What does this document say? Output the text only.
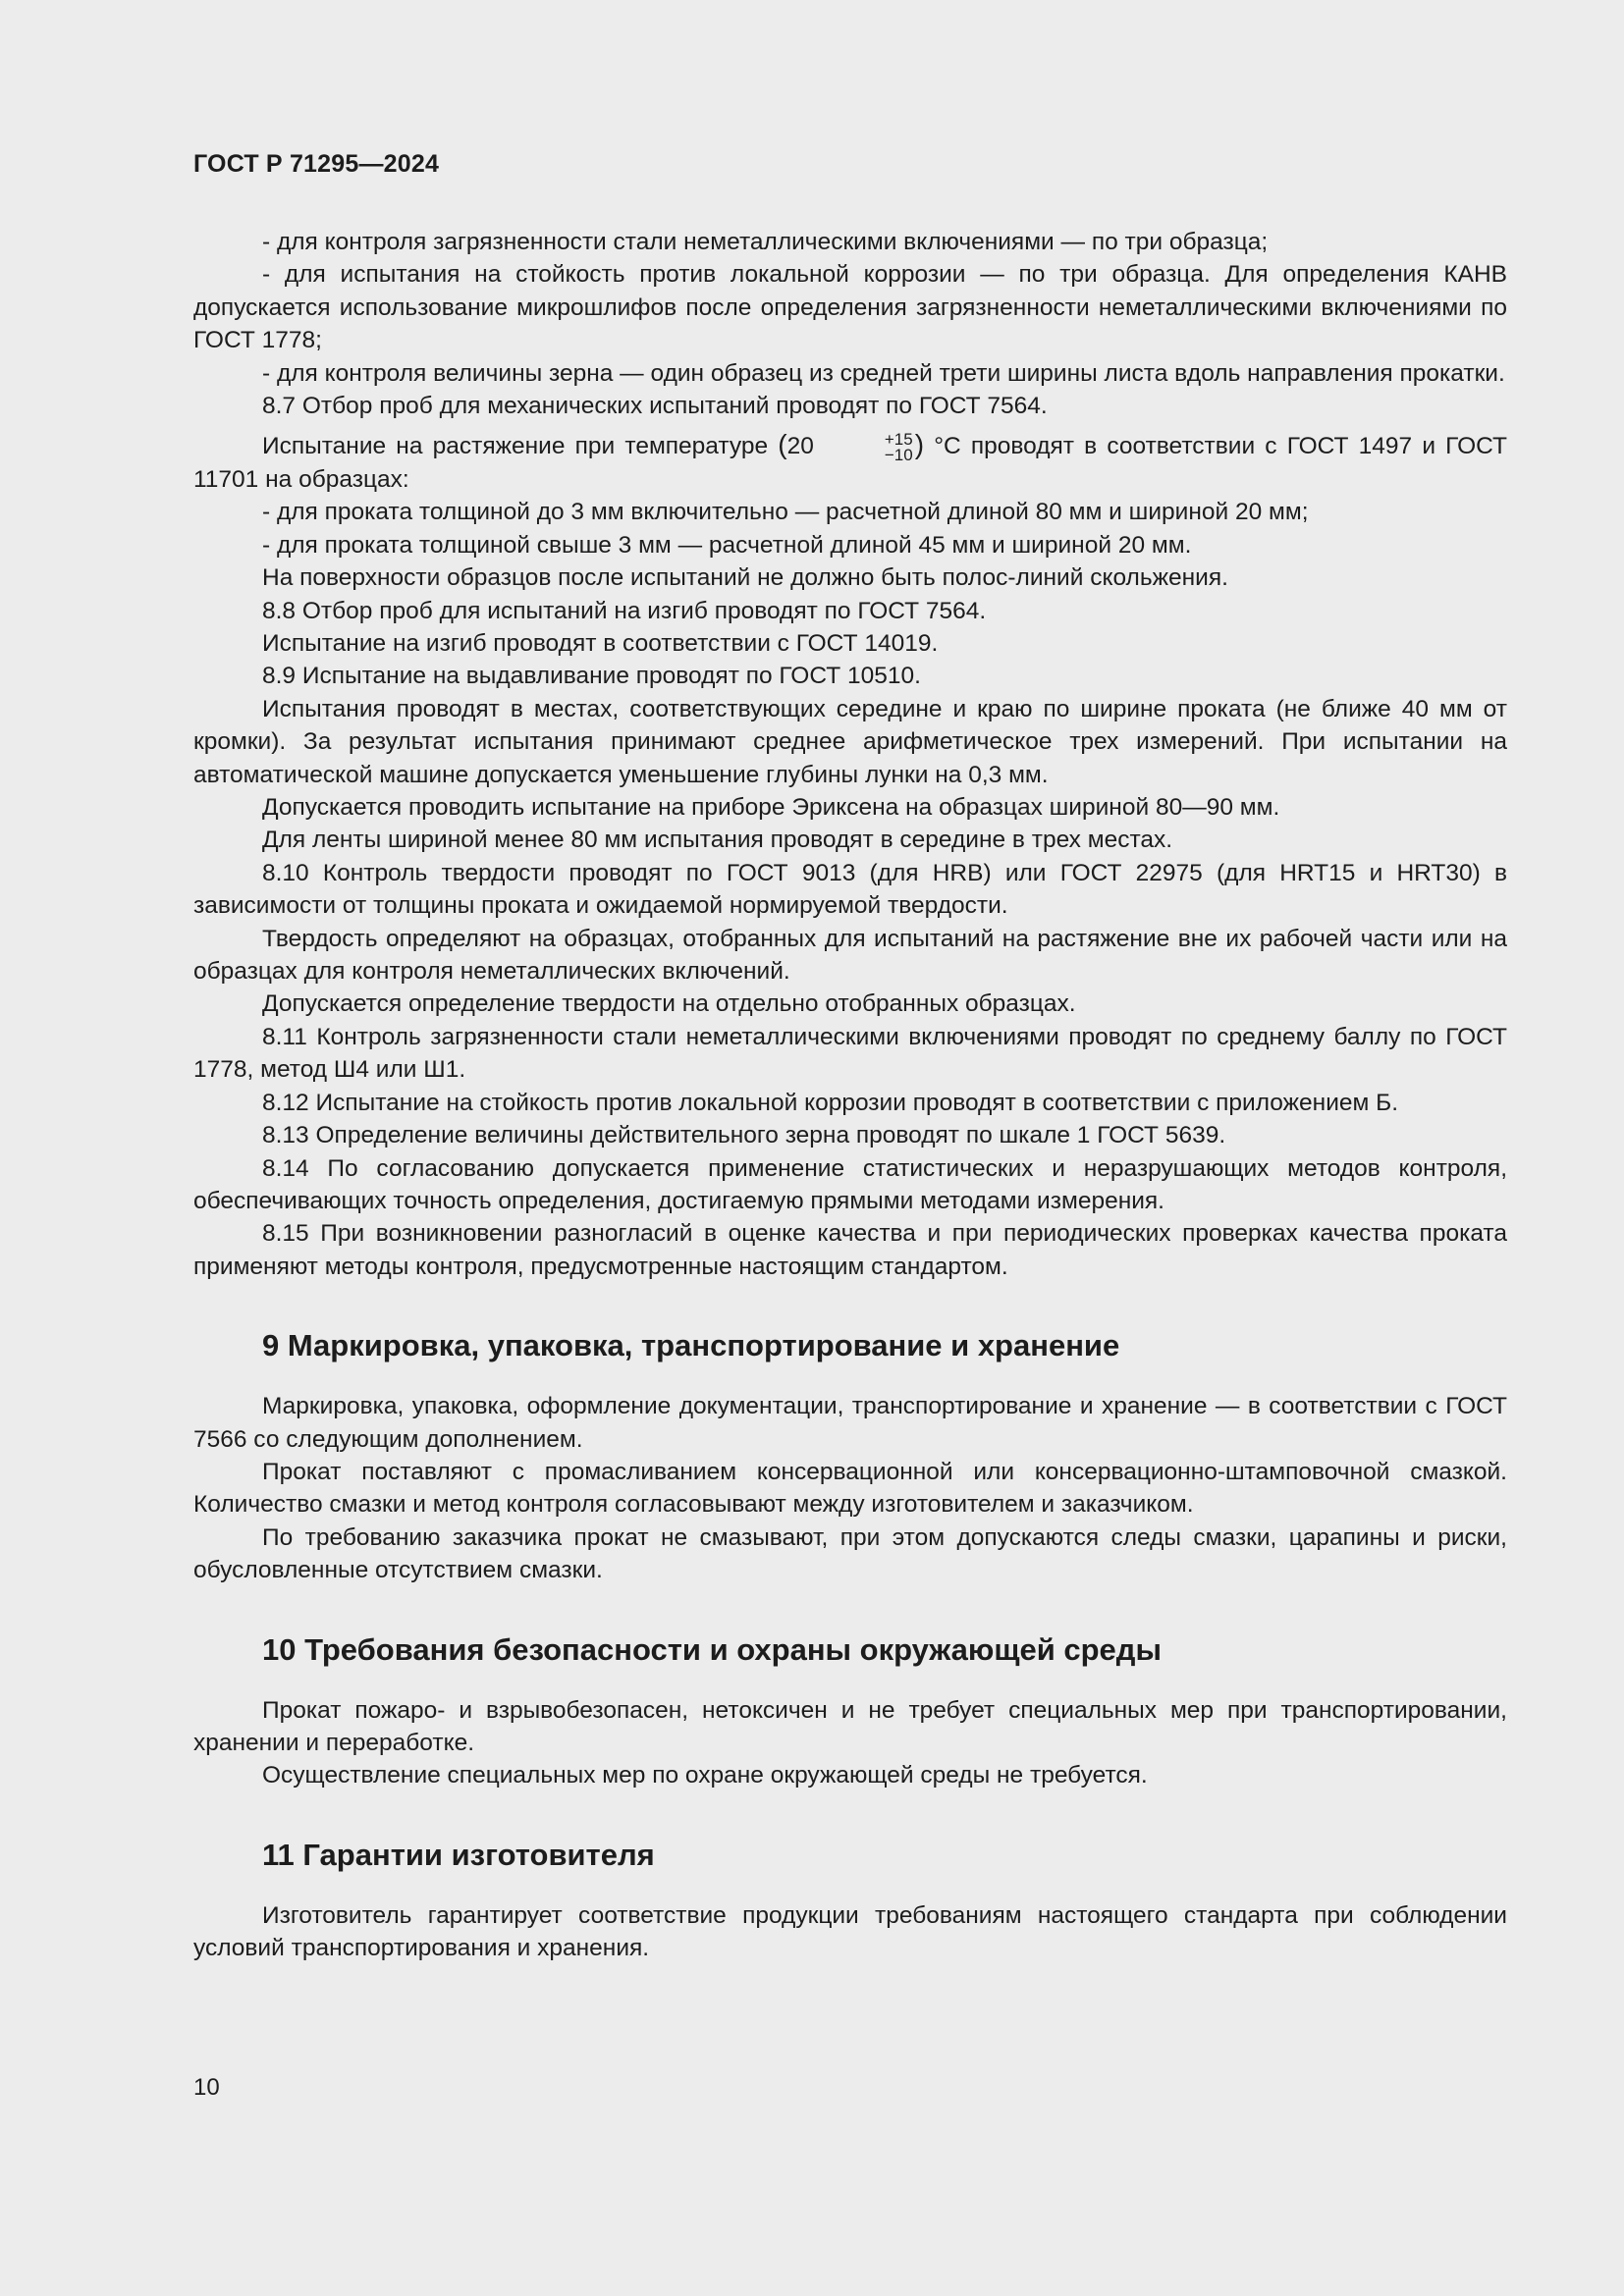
ГОСТ Р 71295—2024

- для контроля загрязненности стали неметаллическими включениями — по три образца;

- для испытания на стойкость против локальной коррозии — по три образца. Для определения КАНВ допускается использование микрошлифов после определения загрязненности неметаллическими включениями по ГОСТ 1778;

- для контроля величины зерна — один образец из средней трети ширины листа вдоль направления прокатки.

8.7 Отбор проб для механических испытаний проводят по ГОСТ 7564.

Испытание на растяжение при температуре (20	+15
−10 ) °С проводят в соответствии с ГОСТ 1497 и ГОСТ 11701 на образцах:

- для проката толщиной до 3 мм включительно — расчетной длиной 80 мм и шириной 20 мм;

- для проката толщиной свыше 3 мм — расчетной длиной 45 мм и шириной 20 мм.

На поверхности образцов после испытаний не должно быть полос-линий скольжения.

8.8 Отбор проб для испытаний на изгиб проводят по ГОСТ 7564.

Испытание на изгиб проводят в соответствии с ГОСТ 14019.

8.9 Испытание на выдавливание проводят по ГОСТ 10510.

Испытания проводят в местах, соответствующих середине и краю по ширине проката (не ближе 40 мм от кромки). За результат испытания принимают среднее арифметическое трех измерений. При испытании на автоматической машине допускается уменьшение глубины лунки на 0,3 мм.

Допускается проводить испытание на приборе Эриксена на образцах шириной 80—90 мм.

Для ленты шириной менее 80 мм испытания проводят в середине в трех местах.

8.10 Контроль твердости проводят по ГОСТ 9013 (для HRB) или ГОСТ 22975 (для HRT15 и HRT30) в зависимости от толщины проката и ожидаемой нормируемой твердости.

Твердость определяют на образцах, отобранных для испытаний на растяжение вне их рабочей части или на образцах для контроля неметаллических включений.

Допускается определение твердости на отдельно отобранных образцах.

8.11 Контроль загрязненности стали неметаллическими включениями проводят по среднему баллу по ГОСТ 1778, метод Ш4 или Ш1.

8.12 Испытание на стойкость против локальной коррозии проводят в соответствии с приложением Б.

8.13 Определение величины действительного зерна проводят по шкале 1 ГОСТ 5639.

8.14 По согласованию допускается применение статистических и неразрушающих методов контроля, обеспечивающих точность определения, достигаемую прямыми методами измерения.

8.15 При возникновении разногласий в оценке качества и при периодических проверках качества проката применяют методы контроля, предусмотренные настоящим стандартом.

9 Маркировка, упаковка, транспортирование и хранение

Маркировка, упаковка, оформление документации, транспортирование и хранение — в соответствии с ГОСТ 7566 со следующим дополнением.

Прокат поставляют с промасливанием консервационной или консервационно-штамповочной смазкой. Количество смазки и метод контроля согласовывают между изготовителем и заказчиком.

По требованию заказчика прокат не смазывают, при этом допускаются следы смазки, царапины и риски, обусловленные отсутствием смазки.

10 Требования безопасности и охраны окружающей среды

Прокат пожаро- и взрывобезопасен, нетоксичен и не требует специальных мер при транспортировании, хранении и переработке.

Осуществление специальных мер по охране окружающей среды не требуется.

11 Гарантии изготовителя

Изготовитель гарантирует соответствие продукции требованиям настоящего стандарта при соблюдении условий транспортирования и хранения.

10
